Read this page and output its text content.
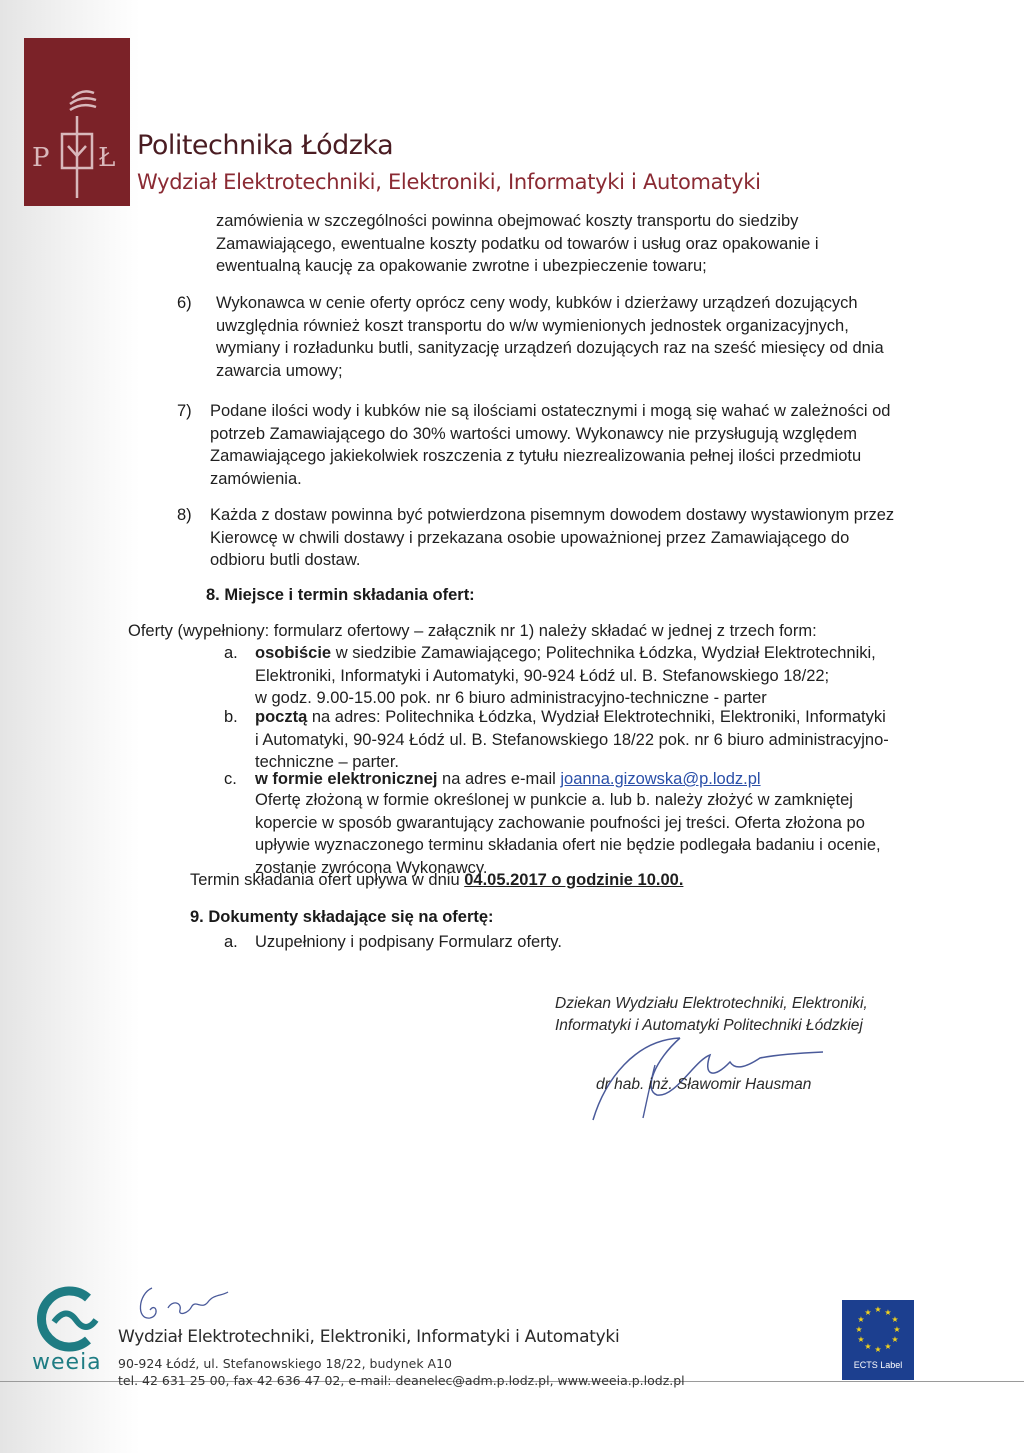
P Ł Politechnika Łódzka
Wydział Elektrotechniki, Elektroniki, Informatyki i Automatyki
zamówienia w szczególności powinna obejmować koszty transportu do siedziby
Zamawiającego, ewentualne koszty podatku od towarów i usług oraz opakowanie i
ewentualną kaucję za opakowanie zwrotne i ubezpieczenie towaru;
6) Wykonawca w cenie oferty oprócz ceny wody, kubków i dzierżawy urządzeń dozujących
uwzględnia również koszt transportu do w/w wymienionych jednostek organizacyjnych,
wymiany i rozładunku butli, sanityzację urządzeń dozujących raz na sześć miesięcy od dnia
zawarcia umowy;
7) Podane ilości wody i kubków nie są ilościami ostatecznymi i mogą się wahać w zależności od
potrzeb Zamawiającego do 30% wartości umowy. Wykonawcy nie przysługują względem
Zamawiającego jakiekolwiek roszczenia z tytułu niezrealizowania pełnej ilości przedmiotu
zamówienia.
8) Każda z dostaw powinna być potwierdzona pisemnym dowodem dostawy wystawionym przez
Kierowcę w chwili dostawy i przekazana osobie upoważnionej przez Zamawiającego do
odbioru butli dostaw.
8. Miejsce i termin składania ofert:
Oferty (wypełniony: formularz ofertowy – załącznik nr 1) należy składać w jednej z trzech form:
a. osobiście w siedzibie Zamawiającego; Politechnika Łódzka, Wydział Elektrotechniki,
Elektroniki, Informatyki i Automatyki, 90-924 Łódź ul. B. Stefanowskiego 18/22;
w godz. 9.00-15.00 pok. nr 6 biuro administracyjno-techniczne - parter
b. pocztą na adres: Politechnika Łódzka, Wydział Elektrotechniki, Elektroniki, Informatyki
i Automatyki, 90-924 Łódź ul. B. Stefanowskiego 18/22 pok. nr 6 biuro administracyjno-
techniczne – parter.
c. w formie elektronicznej na adres e-mail joanna.gizowska@p.lodz.pl
Ofertę złożoną w formie określonej w punkcie a. lub b. należy złożyć w zamkniętej
kopercie w sposób gwarantujący zachowanie poufności jej treści. Oferta złożona po
upływie wyznaczonego terminu składania ofert nie będzie podlegała badaniu i ocenie,
zostanie zwrócona Wykonawcy.
Termin składania ofert upływa w dniu 04.05.2017 o godzinie 10.00.
9. Dokumenty składające się na ofertę:
a. Uzupełniony i podpisany Formularz oferty.
Dziekan Wydziału Elektrotechniki, Elektroniki,
Informatyki i Automatyki Politechniki Łódzkiej
dr hab. inż. Sławomir Hausman
weeia
Wydział Elektrotechniki, Elektroniki, Informatyki i Automatyki
90-924 Łódź, ul. Stefanowskiego 18/22, budynek A10
tel. 42 631 25 00, fax 42 636 47 02, e-mail: deanelec@adm.p.lodz.pl, www.weeia.p.lodz.pl
★ ★
★
★
★
★
★
★
★
★
★
★
ECTS Label
